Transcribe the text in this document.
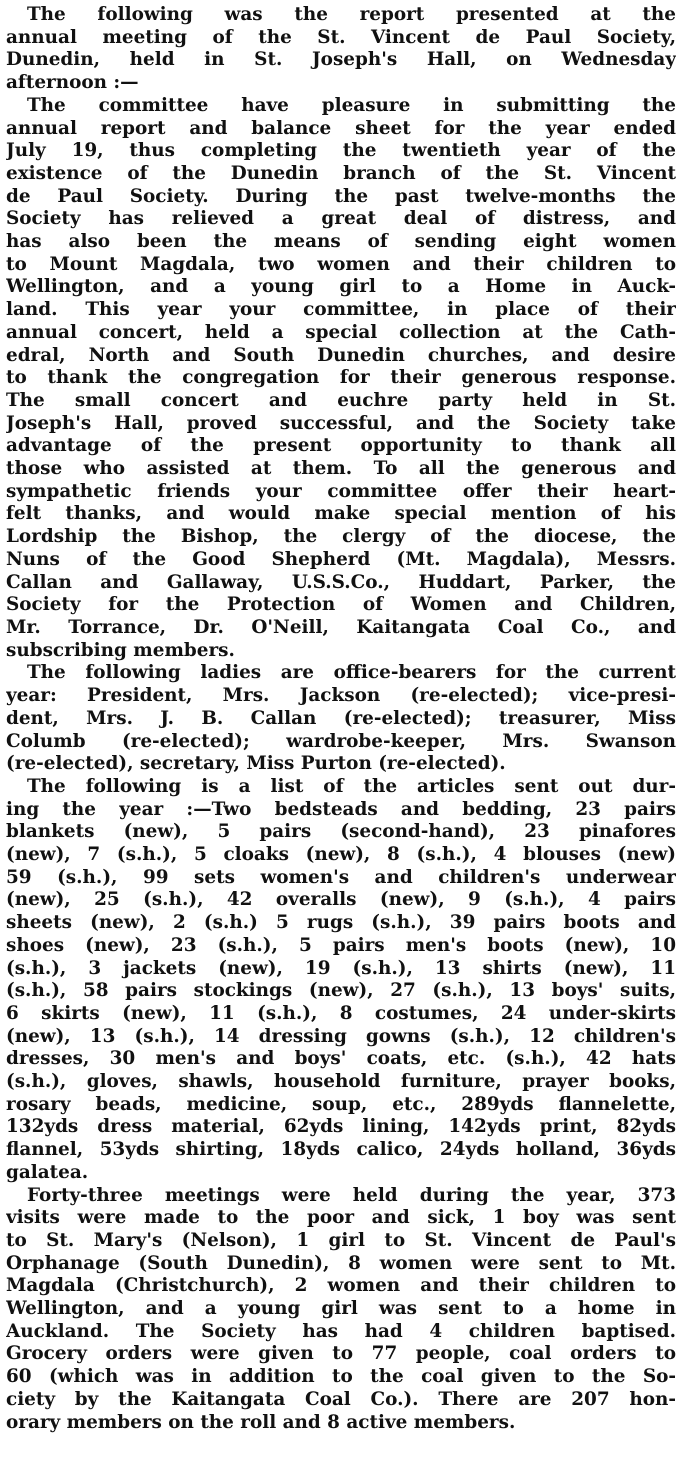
The following was the report presented at the
annual meeting of the St. Vincent de Paul Society,
Dunedin, held in St. Joseph's Hall, on Wednesday
afternoon :—
The committee have pleasure in submitting the
annual report and balance sheet for the year ended
July 19, thus completing the twentieth year of the
existence of the Dunedin branch of the St. Vincent
de Paul Society. During the past twelve-months the
Society has relieved a great deal of distress, and
has also been the means of sending eight women
to Mount Magdala, two women and their children to
Wellington, and a young girl to a Home in Auck-
land. This year your committee, in place of their
annual concert, held a special collection at the Cath-
edral, North and South Dunedin churches, and desire
to thank the congregation for their generous response.
The small concert and euchre party held in St.
Joseph's Hall, proved successful, and the Society take
advantage of the present opportunity to thank all
those who assisted at them. To all the generous and
sympathetic friends your committee offer their heart-
felt thanks, and would make special mention of his
Lordship the Bishop, the clergy of the diocese, the
Nuns of the Good Shepherd (Mt. Magdala), Messrs.
Callan and Gallaway, U.S.S.Co., Huddart, Parker, the
Society for the Protection of Women and Children,
Mr. Torrance, Dr. O'Neill, Kaitangata Coal Co., and
subscribing members.
The following ladies are office-bearers for the current
year: President, Mrs. Jackson (re-elected); vice-presi-
dent, Mrs. J. B. Callan (re-elected); treasurer, Miss
Columb (re-elected); wardrobe-keeper, Mrs. Swanson
(re-elected), secretary, Miss Purton (re-elected).
The following is a list of the articles sent out dur-
ing the year :—Two bedsteads and bedding, 23 pairs
blankets (new), 5 pairs (second-hand), 23 pinafores
(new), 7 (s.h.), 5 cloaks (new), 8 (s.h.), 4 blouses (new)
59 (s.h.), 99 sets women's and children's underwear
(new), 25 (s.h.), 42 overalls (new), 9 (s.h.), 4 pairs
sheets (new), 2 (s.h.) 5 rugs (s.h.), 39 pairs boots and
shoes (new), 23 (s.h.), 5 pairs men's boots (new), 10
(s.h.), 3 jackets (new), 19 (s.h.), 13 shirts (new), 11
(s.h.), 58 pairs stockings (new), 27 (s.h.), 13 boys' suits,
6 skirts (new), 11 (s.h.), 8 costumes, 24 under-skirts
(new), 13 (s.h.), 14 dressing gowns (s.h.), 12 children's
dresses, 30 men's and boys' coats, etc. (s.h.), 42 hats
(s.h.), gloves, shawls, household furniture, prayer books,
rosary beads, medicine, soup, etc., 289yds flannelette,
132yds dress material, 62yds lining, 142yds print, 82yds
flannel, 53yds shirting, 18yds calico, 24yds holland, 36yds
galatea.
Forty-three meetings were held during the year, 373
visits were made to the poor and sick, 1 boy was sent
to St. Mary's (Nelson), 1 girl to St. Vincent de Paul's
Orphanage (South Dunedin), 8 women were sent to Mt.
Magdala (Christchurch), 2 women and their children to
Wellington, and a young girl was sent to a home in
Auckland. The Society has had 4 children baptised.
Grocery orders were given to 77 people, coal orders to
60 (which was in addition to the coal given to the So-
ciety by the Kaitangata Coal Co.). There are 207 hon-
orary members on the roll and 8 active members.
